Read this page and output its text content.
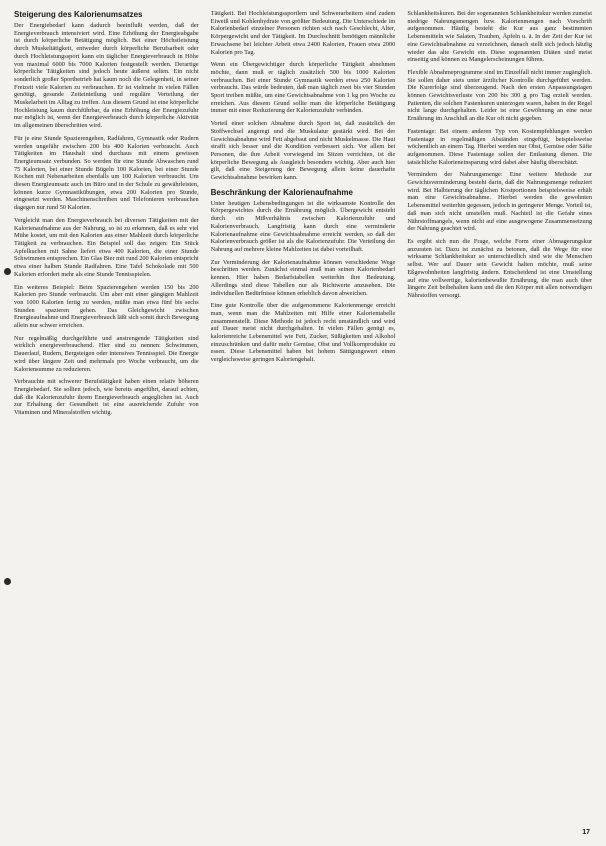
Steigerung des Kalorienumsatzes

Der Energiebedarf kann dadurch beeinflußt werden, daß der Energieverbrauch intensiviert wird. Eine Erhöhung der Energieabgabe ist durch körperliche Betätigung möglich. Bei einer Höchstleistung durch Muskeltätigkeit, entweder durch körperliche Berufsarbeit oder durch Hochleistungssport kann ein täglicher Energieverbrauch in Höhe von maximal 6000 bis 7000 Kalorien festgestellt werden. Derartige körperliche Tätigkeiten sind jedoch heute äußerst selten. Ein nicht sonderlich großer Sportbetrieb hat kaum noch die Gelegenheit, in seiner Freizeit viele Kalorien zu verbrauchen. Er ist vielmehr in vielen Fällen genötigt, gesunde Zeiteinteilung und reguläre Verteilung der Muskelarbeit im Alltag zu treffen. Aus diesem Grund ist eine körperliche Hochleistung kaum durchführbar, da eine Erhöhung der Energiezufuhr nur möglich ist, wenn der Energieverbrauch durch körperliche Aktivität im allgemeinen überschritten wird.

Für je eine Stunde Spazierengehen, Radfahren, Gymnastik oder Rudern werden ungefähr zwischen 200 bis 400 Kalorien verbraucht. Auch Tätigkeiten im Haushalt sind durchaus mit einem gewissen Energieumsatz verbunden. So werden für eine Stunde Abwaschen rund 75 Kalorien, bei einer Stunde Bügeln 100 Kalorien, bei einer Stunde Kochen mit Nebenarbeiten ebenfalls um 100 Kalorien verbraucht. Um diesen Energieumsatz auch im Büro und in der Schule zu gewährleisten, können kurze Gymnastikübungen, etwa 200 Kalorien pro Stunde, eingesetzt werden. Maschinenschreiben und Telefonieren verbrauchen dagegen nur rund 50 Kalorien.

Vergleicht man den Energieverbrauch bei diversen Tätigkeiten mit der Kalorienaufnahme aus der Nahrung, so ist zu erkennen, daß es sehr viel Mühe kostet, um mit den Kalorien aus einer Mahlzeit durch körperliche Tätigkeit zu verbrauchen. Ein Beispiel soll das zeigen: Ein Stück Apfelkuchen mit Sahne liefert etwa 400 Kalorien, die einer Stunde Schwimmen entsprechen. Ein Glas Bier mit rund 200 Kalorien entspricht etwa einer halben Stunde Radfahren. Eine Tafel Schokolade mit 500 Kalorien erfordert mehr als eine Stunde Tennisspielen.

Ein weiteres Beispiel: Beim Spazierengehen werden 150 bis 200 Kalorien pro Stunde verbraucht. Um aber mit einer gängigen Mahlzeit von 1000 Kalorien fertig zu werden, müßte man etwa fünf bis sechs Stunden spazieren gehen. Das Gleichgewicht zwischen Energieaufnahme und Energieverbrauch läßt sich somit durch Bewegung allein nur schwer erreichen.

Nur regelmäßig durchgeführte und anstrengende Tätigkeiten sind wirklich energieverbrauchend. Hier sind zu nennen: Schwimmen, Dauerlauf, Rudern, Bergsteigen oder intensives Tennisspiel. Die Energie wird über längere Zeit und mehrmals pro Woche verbraucht, um die Kaloriensumme zu reduzieren.

Verbrauchte mit schwerer Berufstätigkeit haben einen relativ höheren Energiebedarf. Sie sollten jedoch, wie bereits angeführt, darauf achten, daß die Kalorienzufuhr ihrem Energieverbrauch angeglichen ist. Auch zur Erhaltung der Gesundheit ist eine ausreichende Zufuhr von Vitaminen und Mineralstoffen wichtig.

Tätigkeit. Bei Hochleistungssportlern und Schwerarbeitern sind zudem Eiweiß und Kohlenhydrate von größter Bedeutung. Die Unterschiede im Kalorienbedarf einzelner Personen richten sich nach Geschlecht, Alter, Körpergewicht und der Tätigkeit. Im Durchschnitt benötigen männliche Erwachsene bei leichter Arbeit etwa 2400 Kalorien, Frauen etwa 2000 Kalorien pro Tag.

Wenn ein Übergewichtiger durch körperliche Tätigkeit abnehmen möchte, dann muß er täglich zusätzlich 500 bis 1000 Kalorien verbrauchen. Bei einer Stunde Gymnastik werden etwa 250 Kalorien verbraucht. Das würde bedeuten, daß man täglich zwei bis vier Stunden Sport treiben müßte, um eine Gewichtsabnahme von 1 kg pro Woche zu erreichen. Aus diesem Grund sollte man die körperliche Betätigung immer mit einer Reduzierung der Kalorienzufuhr verbinden.

Vorteil einer solchen Abnahme durch Sport ist, daß zusätzlich der Stoffwechsel angeregt und die Muskulatur gestärkt wird. Bei der Gewichtsabnahme wird Fett abgebaut und nicht Muskelmasse. Die Haut strafft sich besser und die Kondition verbessert sich. Vor allem bei Personen, die ihre Arbeit vorwiegend im Sitzen verrichten, ist die körperliche Bewegung als Ausgleich besonders wichtig. Aber auch hier gilt, daß eine Steigerung der Bewegung allein keine dauerhafte Gewichtsabnahme bewirken kann.

Beschränkung der Kalorienaufnahme

Unter heutigen Lebensbedingungen ist die wirksamste Kontrolle des Körpergewichtes durch die Ernährung möglich. Übergewicht entsteht durch ein Mißverhältnis zwischen Kalorienzufuhr und Kalorienverbrauch. Langfristig kann durch eine verminderte Kalorienaufnahme eine Gewichtsabnahme erreicht werden, so daß der Kalorienverbrauch größer ist als die Kalorienzufuhr. Die Verteilung der Nahrung auf mehrere kleine Mahlzeiten ist dabei vorteilhaft.

Zur Verminderung der Kalorienaufnahme können verschiedene Wege beschritten werden. Zunächst einmal muß man seinen Kalorienbedarf kennen. Hier haben Bedarfstabellen weiterhin ihre Bedeutung. Allerdings sind diese Tabellen nur als Richtwerte anzusehen. Die individuellen Bedürfnisse können erheblich davon abweichen.

Eine gute Kontrolle über die aufgenommene Kalorienmenge erreicht man, wenn man die Mahlzeiten mit Hilfe einer Kalorientabelle zusammenstellt. Diese Methode ist jedoch recht umständlich und wird auf Dauer meist nicht durchgehalten. In vielen Fällen genügt es, kalorienreiche Lebensmittel wie Fett, Zucker, Süßigkeiten und Alkohol einzuschränken und dafür mehr Gemüse, Obst und Vollkornprodukte zu essen. Diese Lebensmittel haben bei hohem Sättigungswert einen vergleichsweise geringen Kaloriengehalt.

Schlankheitskuren. Bei der sogenannten Schlankheitskur werden zumeist niedrige Nahrungsmengen bzw. Kalorienmengen nach Vorschrift aufgenommen. Häufig besteht die Kur aus ganz bestimmten Lebensmitteln wie Salaten, Trauben, Äpfeln u. ä. In der Zeit der Kur ist eine Gewichtsabnahme zu verzeichnen, danach stellt sich jedoch häufig wieder das alte Gewicht ein. Diese sogenannten Diäten sind meist einseitig und können zu Mangelerscheinungen führen.

Flexible Abnahmeprogramme sind im Einzelfall nicht immer zugänglich. Sie sollen daher stets unter ärztlicher Kontrolle durchgeführt werden. Die Kurerfolge sind überzeugend. Nach den ersten Anpassungstagen können Gewichtsverluste von 200 bis 300 g pro Tag erzielt werden. Patienten, die solchen Fastenkuren unterzogen waren, haben in der Regel nicht lange durchgehalten. Leider ist eine Gewöhnung an eine neue Ernährung im Anschluß an die Kur oft nicht gegeben.

Fastentage: Bei einem anderen Typ von Kostempfehlungen werden Fastentage in regelmäßigen Abständen eingefügt, beispielsweise wöchentlich an einem Tag. Hierbei werden nur Obst, Gemüse oder Säfte aufgenommen. Diese Fastentage sollen der Entlastung dienen. Die tatsächliche Kalorieneinsparung wird dabei aber häufig überschätzt.

Vermindern der Nahrungsmenge: Eine weitere Methode zur Gewichtsverminderung besteht darin, daß die Nahrungsmenge reduziert wird. Bei Halbierung der täglichen Kostportionen beispielsweise erhält man eine Gewichtsabnahme. Hierbei werden die gewohnten Lebensmittel weiterhin gegessen, jedoch in geringerer Menge. Vorteil ist, daß man sich nicht umstellen muß. Nachteil ist die Gefahr eines Nährstoffmangels, wenn nicht auf eine ausgewogene Zusammensetzung der Nahrung geachtet wird.

Es ergibt sich nun die Frage, welche Form einer Abmagerungskur anzuraten ist. Dazu ist zunächst zu betonen, daß die Wege für eine wirksame Schlankheitskur so unterschiedlich sind wie die Menschen selbst. Wer auf Dauer sein Gewicht halten möchte, muß seine Eßgewohnheiten langfristig ändern. Entscheidend ist eine Umstellung auf eine vollwertige, kalorienbewußte Ernährung, die man auch über längere Zeit beibehalten kann und die den Körper mit allen notwendigen Nährstoffen versorgt.

17
